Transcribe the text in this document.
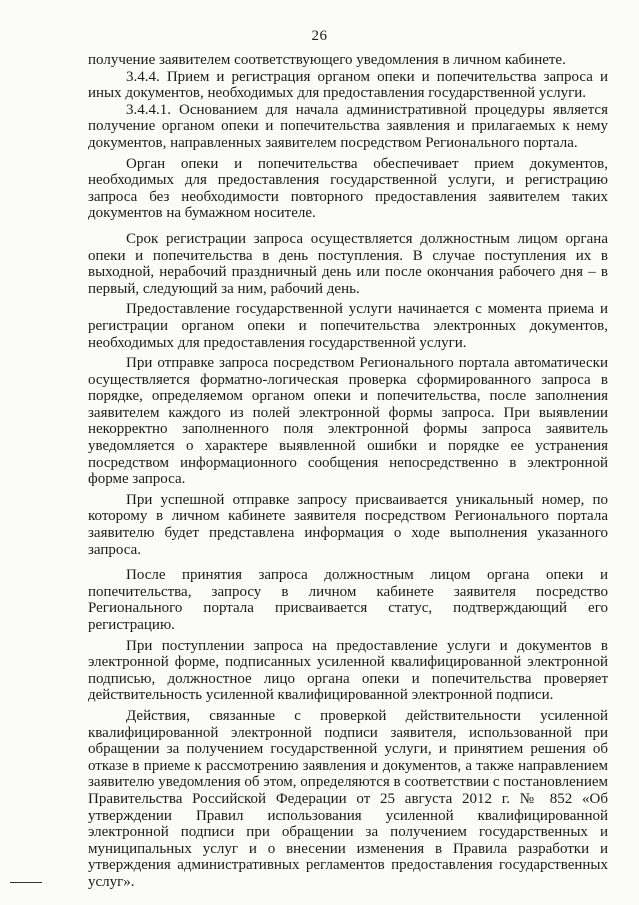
26

получение заявителем соответствующего уведомления в личном кабинете.

3.4.4. Прием и регистрация органом опеки и попечительства запроса и иных документов, необходимых для предоставления государственной услуги.

3.4.4.1. Основанием для начала административной процедуры является получение органом опеки и попечительства заявления и прилагаемых к нему документов, направленных заявителем посредством Регионального портала.

Орган опеки и попечительства обеспечивает прием документов, необходимых для предоставления государственной услуги, и регистрацию запроса без необходимости повторного предоставления заявителем таких документов на бумажном носителе.

Срок регистрации запроса осуществляется должностным лицом органа опеки и попечительства в день поступления. В случае поступления их в выходной, нерабочий праздничный день или после окончания рабочего дня – в первый, следующий за ним, рабочий день.

Предоставление государственной услуги начинается с момента приема и регистрации органом опеки и попечительства электронных документов, необходимых для предоставления государственной услуги.

При отправке запроса посредством Регионального портала автоматически осуществляется форматно-логическая проверка сформированного запроса в порядке, определяемом органом опеки и попечительства, после заполнения заявителем каждого из полей электронной формы запроса. При выявлении некорректно заполненного поля электронной формы запроса заявитель уведомляется о характере выявленной ошибки и порядке ее устранения посредством информационного сообщения непосредственно в электронной форме запроса.

При успешной отправке запросу присваивается уникальный номер, по которому в личном кабинете заявителя посредством Регионального портала заявителю будет представлена информация о ходе выполнения указанного запроса.

После принятия запроса должностным лицом органа опеки и попечительства, запросу в личном кабинете заявителя посредство Регионального портала присваивается статус, подтверждающий его регистрацию.

При поступлении запроса на предоставление услуги и документов в электронной форме, подписанных усиленной квалифицированной электронной подписью, должностное лицо органа опеки и попечительства проверяет действительность усиленной квалифицированной электронной подписи.

Действия, связанные с проверкой действительности усиленной квалифицированной электронной подписи заявителя, использованной при обращении за получением государственной услуги, и принятием решения об отказе в приеме к рассмотрению заявления и документов, а также направлением заявителю уведомления об этом, определяются в соответствии с постановлением Правительства Российской Федерации от 25 августа 2012 г. № 852 «Об утверждении Правил использования усиленной квалифицированной электронной подписи при обращении за получением государственных и муниципальных услуг и о внесении изменения в Правила разработки и утверждения административных регламентов предоставления государственных услуг».
